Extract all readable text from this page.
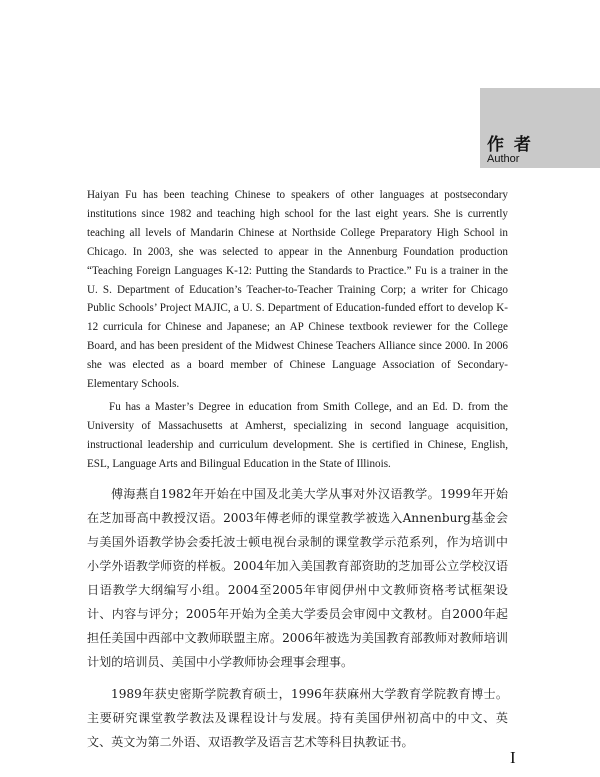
作 者
Author

Haiyan Fu has been teaching Chinese to speakers of other languages at postsecondary institutions since 1982 and teaching high school for the last eight years. She is currently teaching all levels of Mandarin Chinese at Northside College Preparatory High School in Chicago. In 2003, she was selected to appear in the Annenburg Foundation production “Teaching Foreign Languages K-12: Putting the Standards to Practice.” Fu is a trainer in the U. S. Department of Education’s Teacher-to-Teacher Training Corp; a writer for Chicago Public Schools’ Project MAJIC, a U. S. Department of Education-funded effort to develop K-12 curricula for Chinese and Japanese; an AP Chinese textbook reviewer for the College Board, and has been president of the Midwest Chinese Teachers Alliance since 2000. In 2006 she was elected as a board member of Chinese Language Association of Secondary-Elementary Schools.

Fu has a Master’s Degree in education from Smith College, and an Ed. D. from the University of Massachusetts at Amherst, specializing in second language acquisition, instructional leadership and curriculum development. She is certified in Chinese, English, ESL, Language Arts and Bilingual Education in the State of Illinois.

傅海燕自1982年开始在中国及北美大学从事对外汉语教学。1999年开始在芝加哥高中教授汉语。2003年傅老师的课堂教学被选入Annenburg基金会与美国外语教学协会委托波士顿电视台录制的课堂教学示范系列，作为培训中小学外语教学师资的样板。2004年加入美国教育部资助的芝加哥公立学校汉语日语教学大纲编写小组。2004至2005年审阅伊州中文教师资格考试框架设计、内容与评分；2005年开始为全美大学委员会审阅中文教材。自2000年起担任美国中西部中文教师联盟主席。2006年被选为美国教育部教师对教师培训计划的培训员、美国中小学教师协会理事会理事。

1989年获史密斯学院教育硕士，1996年获麻州大学教育学院教育博士。主要研究课堂教学教法及课程设计与发展。持有美国伊州初高中的中文、英文、英文为第二外语、双语教学及语言艺术等科目执教证书。

I
